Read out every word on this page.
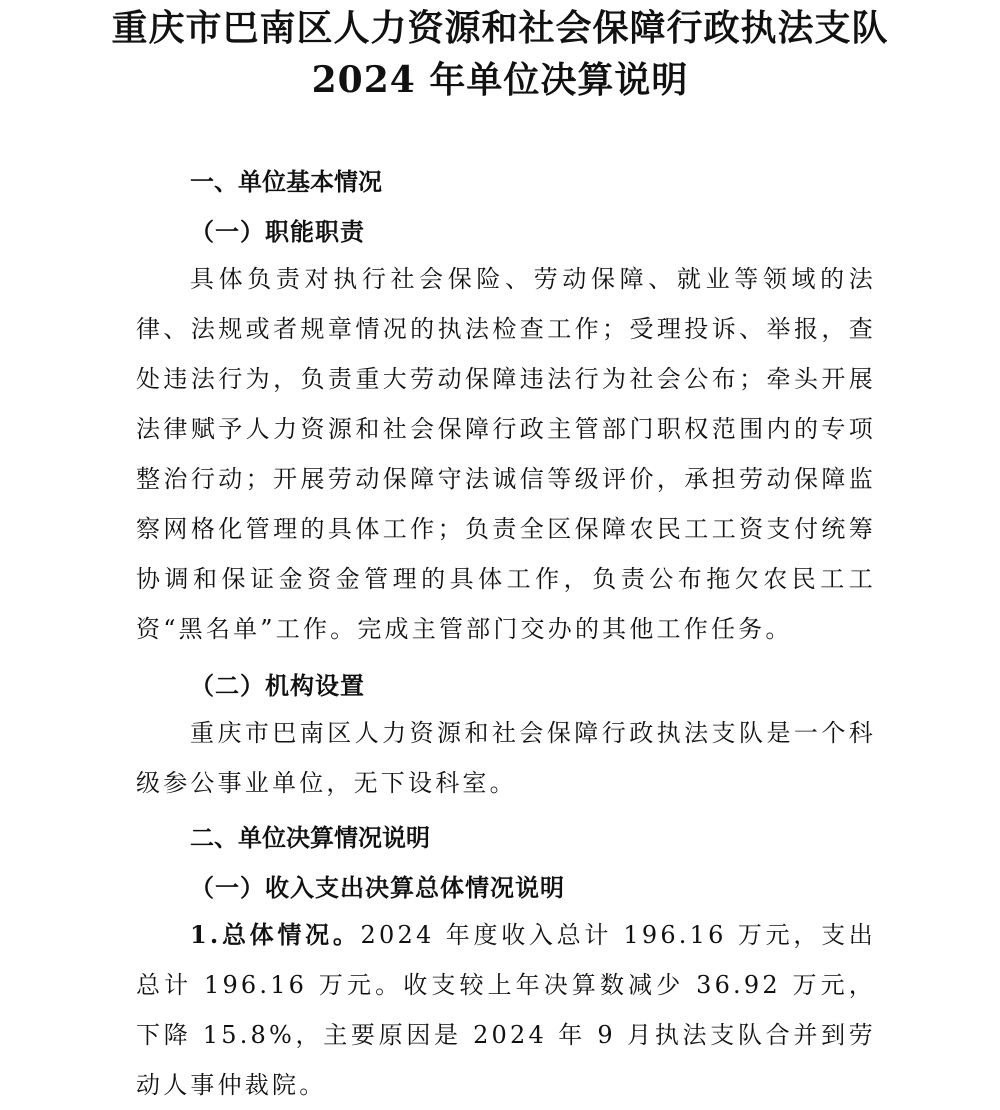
重庆市巴南区人力资源和社会保障行政执法支队
2024 年单位决算说明
一、单位基本情况
（一）职能职责

具体负责对执行社会保险、劳动保障、就业等领域的法律、法规或者规章情况的执法检查工作；受理投诉、举报，查处违法行为，负责重大劳动保障违法行为社会公布；牵头开展法律赋予人力资源和社会保障行政主管部门职权范围内的专项整治行动；开展劳动保障守法诚信等级评价，承担劳动保障监察网格化管理的具体工作；负责全区保障农民工工资支付统筹协调和保证金资金管理的具体工作，负责公布拖欠农民工工资“黑名单”工作。完成主管部门交办的其他工作任务。

（二）机构设置

重庆市巴南区人力资源和社会保障行政执法支队是一个科级参公事业单位，无下设科室。

二、单位决算情况说明
（一）收入支出决算总体情况说明

1.总体情况。2024 年度收入总计 196.16 万元，支出总计 196.16 万元。收支较上年决算数减少 36.92 万元，下降 15.8%，主要原因是 2024 年 9 月执法支队合并到劳动人事仲裁院。
